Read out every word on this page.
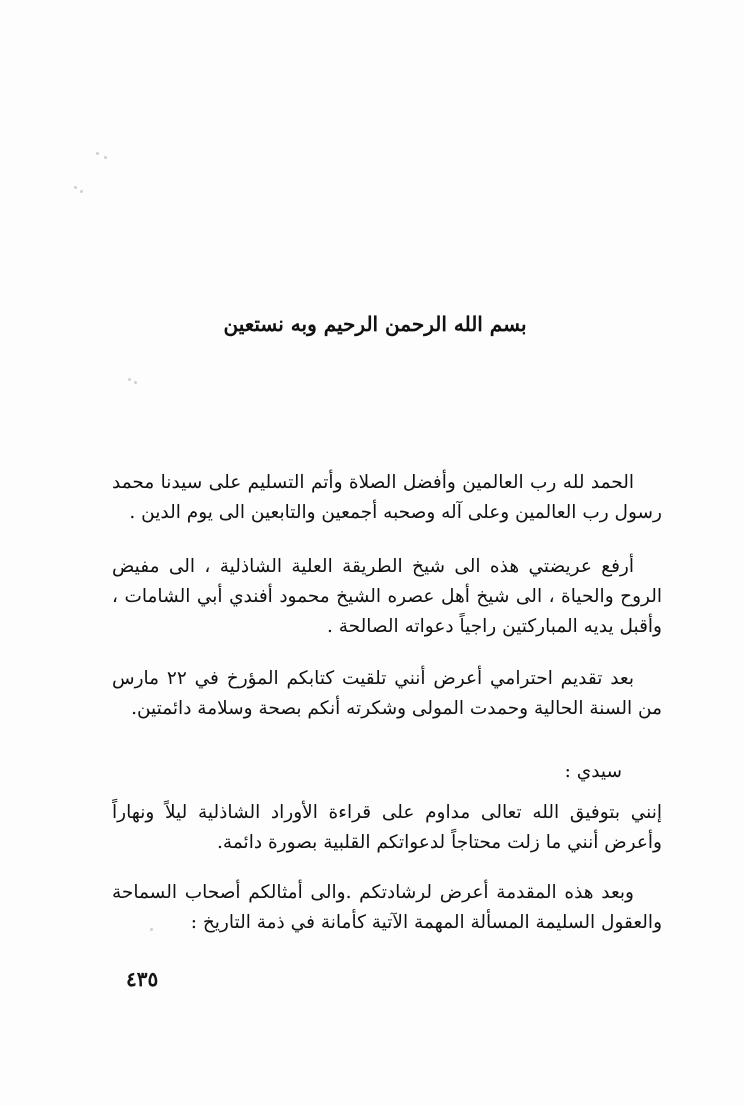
بسم الله الرحمن الرحيم وبه نستعين

الحمد لله رب العالمين وأفضل الصلاة وأتم التسليم على سيدنا محمد رسول رب العالمين وعلى آله وصحبه أجمعين والتابعين الى يوم الدين .

أرفع عريضتي هذه الى شيخ الطريقة العلية الشاذلية ، الى مفيض الروح والحياة ، الى شيخ أهل عصره الشيخ محمود أفندي أبي الشامات ، وأقبل يديه المباركتين راجياً دعواته الصالحة .

بعد تقديم احترامي أعرض أنني تلقيت كتابكم المؤرخ في ٢٢ مارس من السنة الحالية وحمدت المولى وشكرته أنكم بصحة وسلامة دائمتين.

سيدي :

إنني بتوفيق الله تعالى مداوم على قراءة الأوراد الشاذلية ليلاً ونهاراً وأعرض أنني ما زلت محتاجاً لدعواتكم القلبية بصورة دائمة.

وبعد هذه المقدمة أعرض لرشادتكم .والى أمثالكم أصحاب السماحة والعقول السليمة المسألة المهمة الآتية كأمانة في ذمة التاريخ :

٤٣٥
